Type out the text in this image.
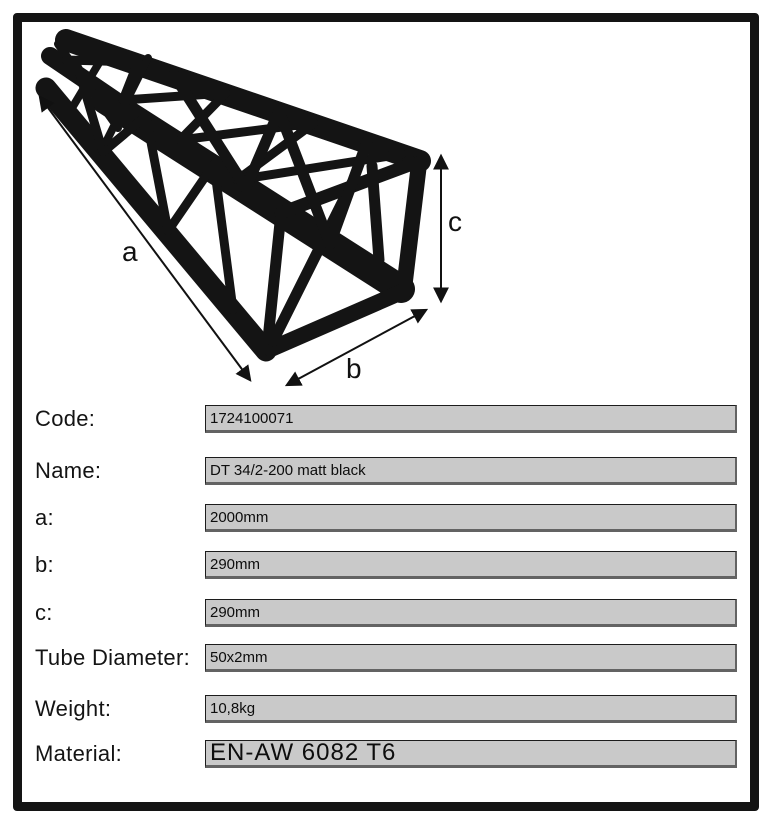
a
b
c
Code:	1724100071
Name:	DT 34/2-200 matt black
a:	2000mm
b:	290mm
c:	290mm
Tube Diameter: 50x2mm
Weight:	10,8kg
Material:	EN-AW 6082 T6
